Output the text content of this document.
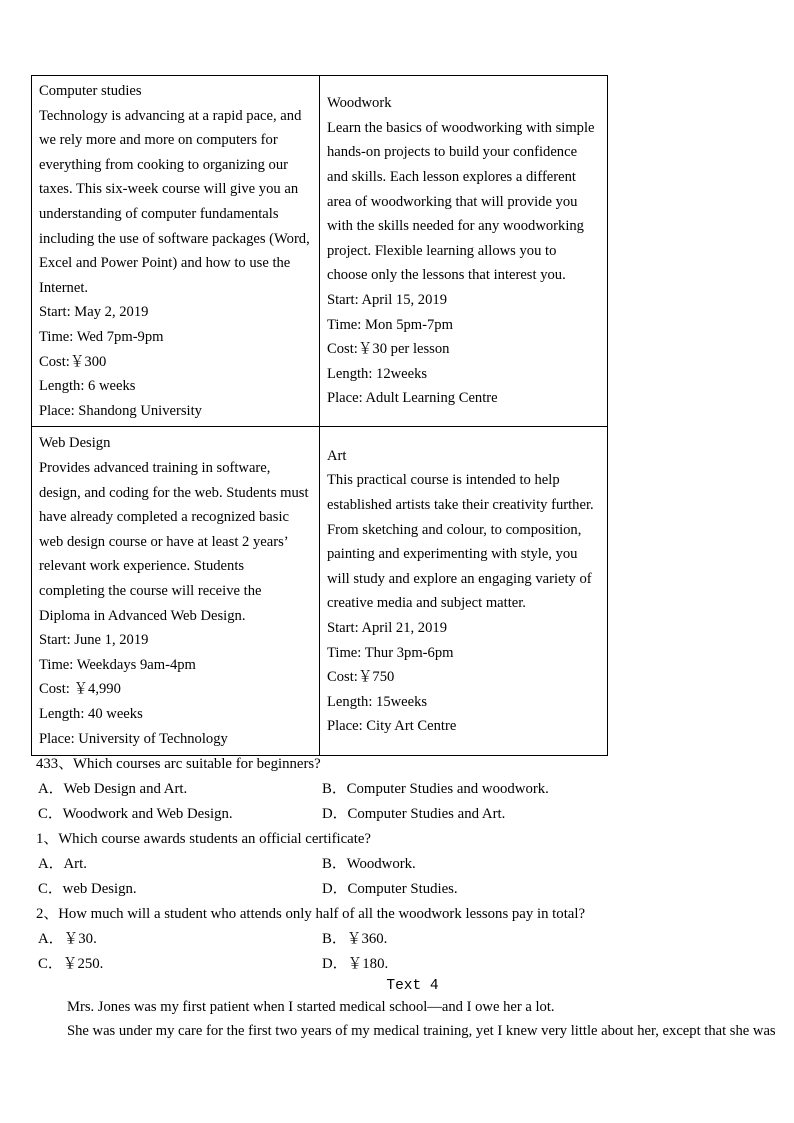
Computer studies

Technology is advancing at a rapid pace, and we rely more and more on computers for everything from cooking to organizing our taxes. This six-week course will give you an understanding of computer fundamentals including the use of software packages (Word, Excel and Power Point) and how to use the Internet.

Start: May 2, 2019

Time: Wed 7pm-9pm

Cost:￥300

Length: 6 weeks

Place: Shandong University

Woodwork

Learn the basics of woodworking with simple hands-on projects to build your confidence and skills. Each lesson explores a different area of woodworking that will provide you with the skills needed for any woodworking project. Flexible learning allows you to choose only the lessons that interest you.

Start: April 15, 2019

Time: Mon 5pm-7pm

Cost:￥30 per lesson

Length: 12weeks

Place: Adult Learning Centre

Web Design

Provides advanced training in software, design, and coding for the web. Students must have already completed a recognized basic web design course or have at least 2 years’ relevant work experience. Students completing the course will receive the Diploma in Advanced Web Design.

Start: June 1, 2019

Time: Weekdays 9am-4pm

Cost: ￥4,990

Length: 40 weeks

Place: University of Technology

Art

This practical course is intended to help established artists take their creativity further. From sketching and colour, to composition, painting and experimenting with style, you will study and explore an engaging variety of creative media and subject matter.

Start: April 21, 2019

Time: Thur 3pm-6pm

Cost:￥750

Length: 15weeks

Place: City Art Centre

433、Which courses arc suitable for beginners?

A．Web Design and Art.	B．Computer Studies and woodwork.
C．Woodwork and Web Design.	D．Computer Studies and Art.

1、Which course awards students an official certificate?

A．Art.	B．Woodwork.
C．web Design.	D．Computer Studies.

2、How much will a student who attends only half of all the woodwork lessons pay in total?

A．￥30.	B．￥360.
C．￥250.	D．￥180.

Text 4

Mrs. Jones was my first patient when I started medical school—and I owe her a lot.

She was under my care for the first two years of my medical training, yet I knew very little about her, except that she was
